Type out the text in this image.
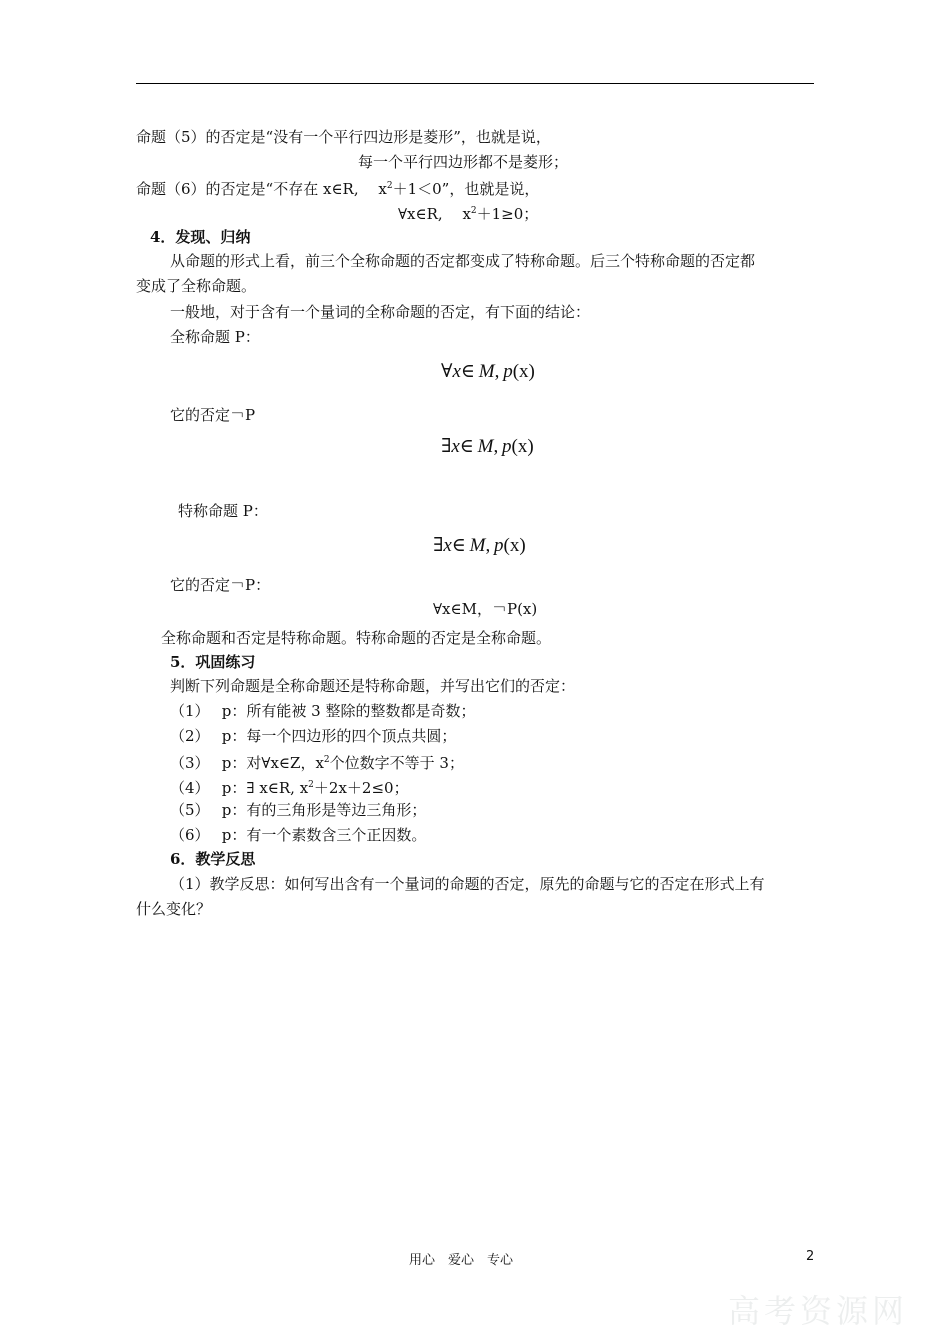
命题（5）的否定是“没有一个平行四边形是菱形”，也就是说，
每一个平行四边形都不是菱形；
命题（6）的否定是“不存在 x∈R,　 $x^2+1<0$”，也就是说，
∀x∈R,　 $x^2+1\ge 0$；
4．发现、归纳
从命题的形式上看，前三个全称命题的否定都变成了特称命题。后三个特称命题的否定都
变成了全称命题。
一般地，对于含有一个量词的全称命题的否定，有下面的结论：
全称命题 P：
∀x∈  M,  p(x)
它的否定￢P
∃x∈  M,  p(x)
特称命题 P：
∃x∈  M,  p(x)
它的否定￢P：
∀x∈M，￢P(x)
全称命题和否定是特称命题。特称命题的否定是全称命题。
5．巩固练习
判断下列命题是全称命题还是特称命题，并写出它们的否定：
（1）　 p：所有能被 3 整除的整数都是奇数；
（2）　 p：每一个四边形的四个顶点共圆；
（3）　 p：对∀x∈Z，$x^2$个位数字不等于 3；
（4）　 p：∃ x∈R, $x^2+2x+2\le 0$；
（5）　 p：有的三角形是等边三角形；
（6）　 p：有一个素数含三个正因数。
6．教学反思
（1）教学反思：如何写出含有一个量词的命题的否定，原先的命题与它的否定在形式上有
什么变化？
用心　爱心　专心	2
高考资源网
